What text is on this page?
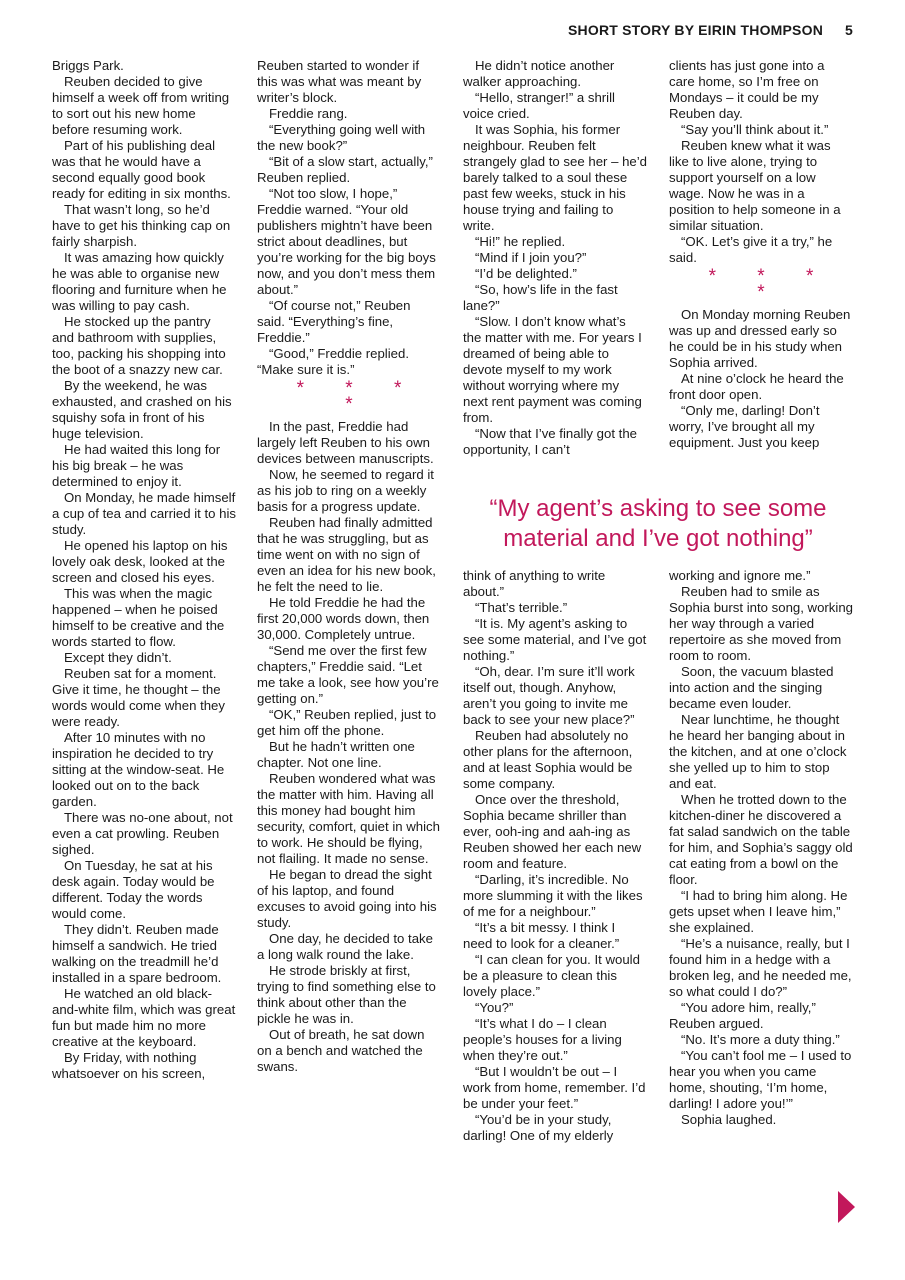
SHORT STORY BY EIRIN THOMPSON 5

Briggs Park.

Reuben decided to give himself a week off from writing to sort out his new home before resuming work.

Part of his publishing deal was that he would have a second equally good book ready for editing in six months.

That wasn’t long, so he’d have to get his thinking cap on fairly sharpish.

It was amazing how quickly he was able to organise new flooring and furniture when he was willing to pay cash.

He stocked up the pantry and bathroom with supplies, too, packing his shopping into the boot of a snazzy new car.

By the weekend, he was exhausted, and crashed on his squishy sofa in front of his huge television.

He had waited this long for his big break – he was determined to enjoy it.

On Monday, he made himself a cup of tea and carried it to his study.

He opened his laptop on his lovely oak desk, looked at the screen and closed his eyes.

This was when the magic happened – when he poised himself to be creative and the words started to flow.

Except they didn’t.

Reuben sat for a moment. Give it time, he thought – the words would come when they were ready.

After 10 minutes with no inspiration he decided to try sitting at the window-seat. He looked out on to the back garden.

There was no-one about, not even a cat prowling. Reuben sighed.

On Tuesday, he sat at his desk again. Today would be different. Today the words would come.

They didn’t. Reuben made himself a sandwich. He tried walking on the treadmill he’d installed in a spare bedroom.

He watched an old black-and-white film, which was great fun but made him no more creative at the keyboard.

By Friday, with nothing whatsoever on his screen,

Reuben started to wonder if this was what was meant by writer’s block.

Freddie rang.

“Everything going well with the new book?”

“Bit of a slow start, actually,” Reuben replied.

“Not too slow, I hope,” Freddie warned. “Your old publishers mightn’t have been strict about deadlines, but you’re working for the big boys now, and you don’t mess them about.”

“Of course not,” Reuben said. “Everything’s fine, Freddie.”

“Good,” Freddie replied. “Make sure it is.”

* * * *

In the past, Freddie had largely left Reuben to his own devices between manuscripts.

Now, he seemed to regard it as his job to ring on a weekly basis for a progress update.

Reuben had finally admitted that he was struggling, but as time went on with no sign of even an idea for his new book, he felt the need to lie.

He told Freddie he had the first 20,000 words down, then 30,000. Completely untrue.

“Send me over the first few chapters,” Freddie said. “Let me take a look, see how you’re getting on.”

“OK,” Reuben replied, just to get him off the phone.

But he hadn’t written one chapter. Not one line.

Reuben wondered what was the matter with him. Having all this money had bought him security, comfort, quiet in which to work. He should be flying, not flailing. It made no sense.

He began to dread the sight of his laptop, and found excuses to avoid going into his study.

One day, he decided to take a long walk round the lake.

He strode briskly at first, trying to find something else to think about other than the pickle he was in.

Out of breath, he sat down on a bench and watched the swans.

He didn’t notice another walker approaching.

“Hello, stranger!” a shrill voice cried.

It was Sophia, his former neighbour. Reuben felt strangely glad to see her – he’d barely talked to a soul these past few weeks, stuck in his house trying and failing to write.

“Hi!” he replied.

“Mind if I join you?”

“I’d be delighted.”

“So, how’s life in the fast lane?”

“Slow. I don’t know what’s the matter with me. For years I dreamed of being able to devote myself to my work without worrying where my next rent payment was coming from.

“Now that I’ve finally got the opportunity, I can’t

think of anything to write about.”

“That’s terrible.”

“It is. My agent’s asking to see some material, and I’ve got nothing.”

“Oh, dear. I’m sure it’ll work itself out, though. Anyhow, aren’t you going to invite me back to see your new place?”

Reuben had absolutely no other plans for the afternoon, and at least Sophia would be some company.

Once over the threshold, Sophia became shriller than ever, ooh-ing and aah-ing as Reuben showed her each new room and feature.

“Darling, it’s incredible. No more slumming it with the likes of me for a neighbour.”

“It’s a bit messy. I think I need to look for a cleaner.”

“I can clean for you. It would be a pleasure to clean this lovely place.”

“You?”

“It’s what I do – I clean people’s houses for a living when they’re out.”

“But I wouldn’t be out – I work from home, remember. I’d be under your feet.”

“You’d be in your study, darling! One of my elderly

clients has just gone into a care home, so I’m free on Mondays – it could be my Reuben day.

“Say you’ll think about it.”

Reuben knew what it was like to live alone, trying to support yourself on a low wage. Now he was in a position to help someone in a similar situation.

“OK. Let’s give it a try,” he said.

* * * *

On Monday morning Reuben was up and dressed early so he could be in his study when Sophia arrived.

At nine o’clock he heard the front door open.

“Only me, darling! Don’t worry, I’ve brought all my equipment. Just you keep

working and ignore me.”

Reuben had to smile as Sophia burst into song, working her way through a varied repertoire as she moved from room to room.

Soon, the vacuum blasted into action and the singing became even louder.

Near lunchtime, he thought he heard her banging about in the kitchen, and at one o’clock she yelled up to him to stop and eat.

When he trotted down to the kitchen-diner he discovered a fat salad sandwich on the table for him, and Sophia’s saggy old cat eating from a bowl on the floor.

“I had to bring him along. He gets upset when I leave him,” she explained.

“He’s a nuisance, really, but I found him in a hedge with a broken leg, and he needed me, so what could I do?”

“You adore him, really,” Reuben argued.

“No. It’s more a duty thing.”

“You can’t fool me – I used to hear you when you came home, shouting, ‘I’m home, darling! I adore you!’”

Sophia laughed.

“My agent’s asking to see some material and I’ve got nothing”
